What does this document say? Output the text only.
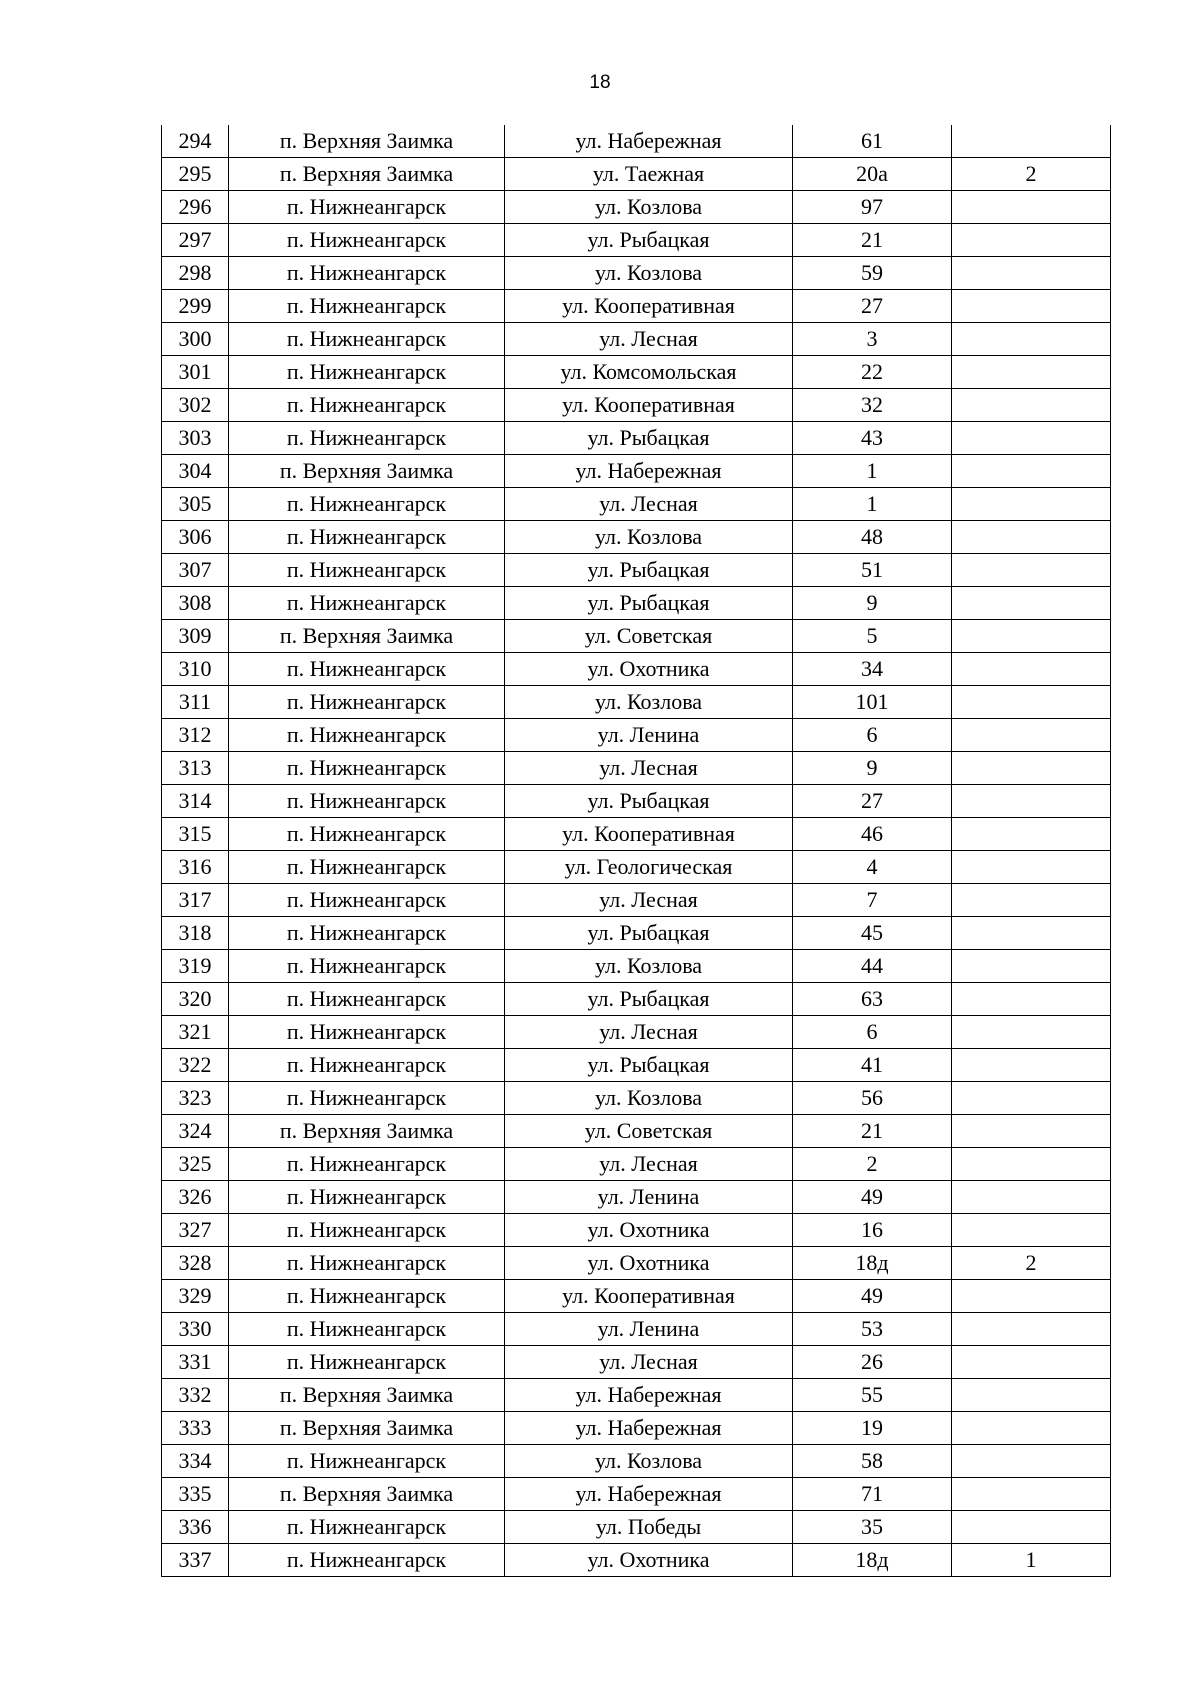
18
294	п. Верхняя Заимка	ул. Набережная	61	
295	п. Верхняя Заимка	ул. Таежная	20а	2
296	п. Нижнеангарск	ул. Козлова	97	
297	п. Нижнеангарск	ул. Рыбацкая	21	
298	п. Нижнеангарск	ул. Козлова	59	
299	п. Нижнеангарск	ул. Кооперативная	27	
300	п. Нижнеангарск	ул. Лесная	3	
301	п. Нижнеангарск	ул. Комсомольская	22	
302	п. Нижнеангарск	ул. Кооперативная	32	
303	п. Нижнеангарск	ул. Рыбацкая	43	
304	п. Верхняя Заимка	ул. Набережная	1	
305	п. Нижнеангарск	ул. Лесная	1	
306	п. Нижнеангарск	ул. Козлова	48	
307	п. Нижнеангарск	ул. Рыбацкая	51	
308	п. Нижнеангарск	ул. Рыбацкая	9	
309	п. Верхняя Заимка	ул. Советская	5	
310	п. Нижнеангарск	ул. Охотника	34	
311	п. Нижнеангарск	ул. Козлова	101	
312	п. Нижнеангарск	ул. Ленина	6	
313	п. Нижнеангарск	ул. Лесная	9	
314	п. Нижнеангарск	ул. Рыбацкая	27	
315	п. Нижнеангарск	ул. Кооперативная	46	
316	п. Нижнеангарск	ул. Геологическая	4	
317	п. Нижнеангарск	ул. Лесная	7	
318	п. Нижнеангарск	ул. Рыбацкая	45	
319	п. Нижнеангарск	ул. Козлова	44	
320	п. Нижнеангарск	ул. Рыбацкая	63	
321	п. Нижнеангарск	ул. Лесная	6	
322	п. Нижнеангарск	ул. Рыбацкая	41	
323	п. Нижнеангарск	ул. Козлова	56	
324	п. Верхняя Заимка	ул. Советская	21	
325	п. Нижнеангарск	ул. Лесная	2	
326	п. Нижнеангарск	ул. Ленина	49	
327	п. Нижнеангарск	ул. Охотника	16	
328	п. Нижнеангарск	ул. Охотника	18д	2
329	п. Нижнеангарск	ул. Кооперативная	49	
330	п. Нижнеангарск	ул. Ленина	53	
331	п. Нижнеангарск	ул. Лесная	26	
332	п. Верхняя Заимка	ул. Набережная	55	
333	п. Верхняя Заимка	ул. Набережная	19	
334	п. Нижнеангарск	ул. Козлова	58	
335	п. Верхняя Заимка	ул. Набережная	71	
336	п. Нижнеангарск	ул. Победы	35	
337	п. Нижнеангарск	ул. Охотника	18д	1
